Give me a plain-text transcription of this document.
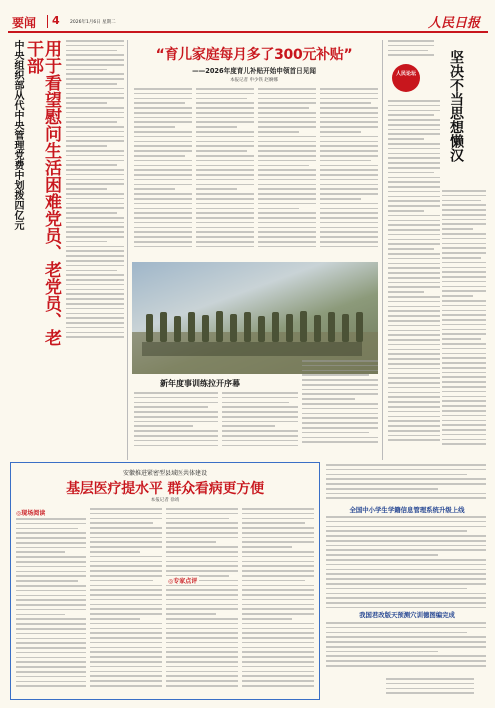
要闻 4 2026年1月6日 星期二	人民日报
中央组织部从代中央管理党费中划拨四亿元	用于看望慰问生活困难党员、老党员、老干部	“育儿家庭每月多了300元补贴”
——2026年度育儿补贴开始申领首日见闻
本报记者 申少铁 赵婀娜
新年度事训练拉开序幕
人民论坛 坚决不当思想懒汉
安徽推进紧密型县域医共体建设
基层医疗提水平 群众看病更方便
本报记者 徐靖
◎现场阅读
◎专家点评
全国中小学生学籍信息管理系统升级上线
我国君改版天预测穴训德图编完成
